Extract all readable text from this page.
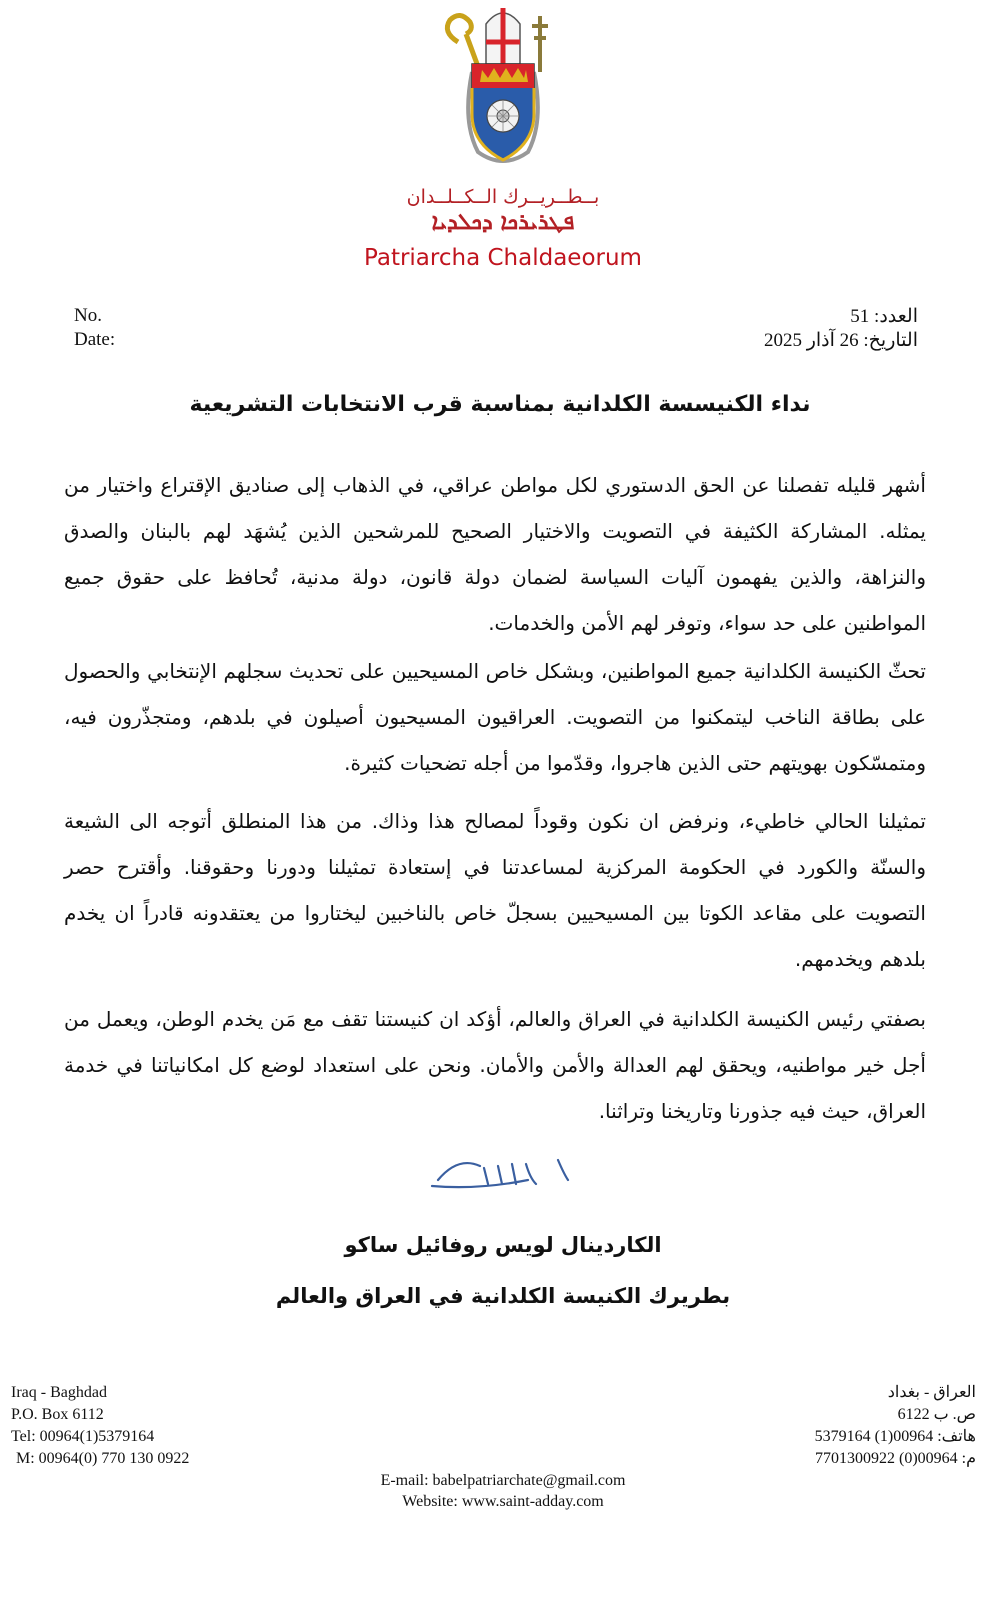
بــطــريــرك الــكــلــدان
ܦܛܪܝܪܟܐ ܕܟܠܕܝܐ
Patriarcha Chaldaeorum
No.
Date:
العدد: 51
التاريخ: 26 آذار 2025
نداء الكنيسسة الكلدانية بمناسبة قرب الانتخابات التشريعية

أشهر قليله تفصلنا عن الحق الدستوري لكل مواطن عراقي، في الذهاب إلى صناديق الإقتراع واختيار من يمثله. المشاركة الكثيفة في التصويت والاختيار الصحيح للمرشحين الذين يُشهَد لهم بالبنان والصدق والنزاهة، والذين يفهمون آليات السياسة لضمان دولة قانون، دولة مدنية، تُحافظ على حقوق جميع المواطنين على حد سواء، وتوفر لهم الأمن والخدمات.

تحثّ الكنيسة الكلدانية جميع المواطنين، وبشكل خاص المسيحيين على تحديث سجلهم الإنتخابي والحصول على بطاقة الناخب ليتمكنوا من التصويت. العراقيون المسيحيون أصيلون في بلدهم، ومتجذّرون فيه، ومتمسّكون بهويتهم حتى الذين هاجروا، وقدّموا من أجله تضحيات كثيرة.

تمثيلنا الحالي خاطيء، ونرفض ان نكون وقوداً لمصالح هذا وذاك. من هذا المنطلق أتوجه الى الشيعة والسنّة والكورد في الحكومة المركزية لمساعدتنا في إستعادة تمثيلنا ودورنا وحقوقنا. وأقترح حصر التصويت على مقاعد الكوتا بين المسيحيين بسجلّ خاص بالناخبين ليختاروا من يعتقدونه قادراً ان يخدم بلدهم ويخدمهم.

بصفتي رئيس الكنيسة الكلدانية في العراق والعالم، أؤكد ان كنيستنا تقف مع مَن يخدم الوطن، ويعمل من أجل خير مواطنيه، ويحقق لهم العدالة والأمن والأمان. ونحن على استعداد لوضع كل امكانياتنا في خدمة العراق، حيث فيه جذورنا وتاريخنا وتراثنا.

الكاردينال لويس روفائيل ساكو
بطريرك الكنيسة الكلدانية في العراق والعالم
Iraq - Baghdad
P.O. Box 6112
Tel: 00964(1)5379164
M: 00964(0) 770 130 0922
العراق - بغداد
ص. ب 6122
هاتف: 00964(1) 5379164
م: 00964(0) 7701300922
E-mail: babelpatriarchate@gmail.com
Website: www.saint-adday.com
